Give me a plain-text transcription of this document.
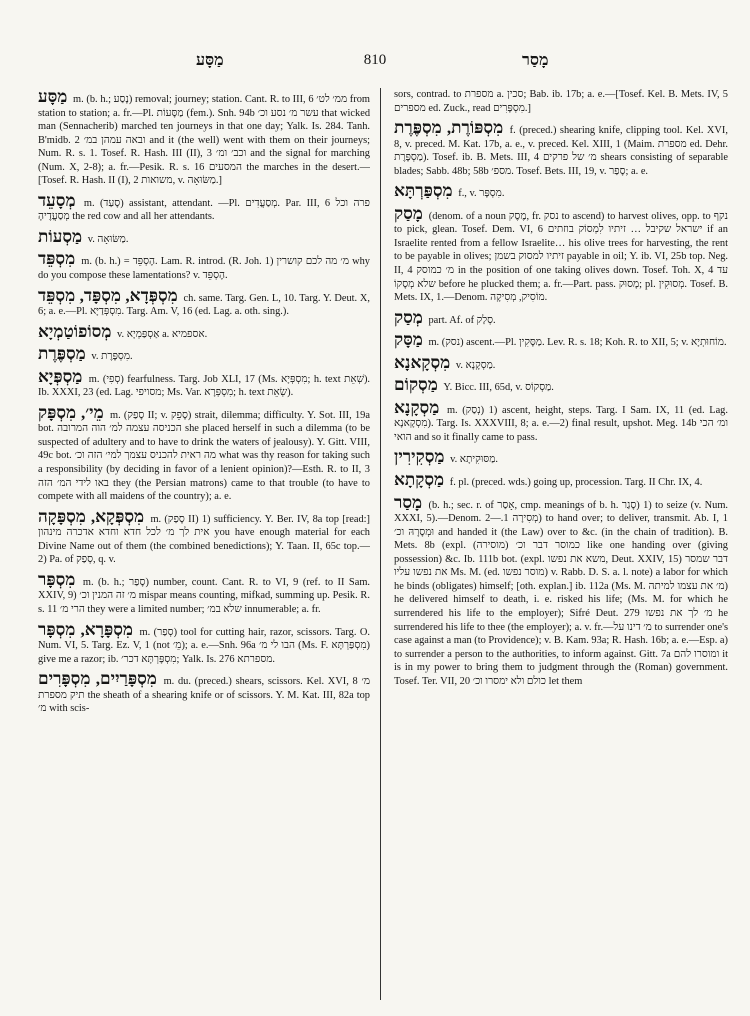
מַסָּע	810	מָסַר

מַסָּע m. (b. h.; נָסַע) removal; journey; station. Cant. R. to III, 6 ממ׳ לט׳ from station to station; a. fr.—Pl. מַסָּעוֹת (fem.). Snh. 94b עשר מ׳ נסע וכ׳ that wicked man (Sennacherib) marched ten journeys in that one day; Yalk. Is. 284. Tanh. B'midb. 2 ובאה עמהן במ׳ and it (the well) went with them on their journeys; Num. R. s. 1. Tosef. R. Hash. III (II), 3 וכב׳ ומ׳ and the signal for marching (Num. X, 2-8); a. fr.—Pesik. R. s. 16 המסעים the marches in the desert.—[Tosef. R. Hash. II (I), 2 משואות, v. מַשּׂוּאָה.]

מְסָעֵד m. (סָעַד) assistant, attendant. —Pl. מְסַעֲדִים. Par. III, 6 פרה וכל מְסַעֲדֶיהָ the red cow and all her attendants.

מַסְעוֹת v. מַשּׂוּאָה.

מִסְפֵּד m. (b. h.) = הֶסְפֵּד. Lam. R. introd. (R. Joh. 1) מ׳ מה לכם קושרין why do you compose these lamentations? v. הֶסְפֵּד.

מִסְפְּדָא, מִסְפָּד, מִסְפֵּד ch. same. Targ. Gen. L, 10. Targ. Y. Deut. X, 6; a. e.—Pl. מִסְפְּדַיָּא. Targ. Am. V, 16 (ed. Lag. a. oth. sing.).

מְסוֹפוֹטַמְיָא v. אַסְפַּמְיָא a. אספמיא.

מַסְפֶּרֶת v. מִסְפֶּרֶת.

מַסְפְּיָא m. (סְפִי) fearfulness. Targ. Job XLI, 17 (Ms. מִסְפְּיָא; h. text שְׁאֵת). Ib. XXXI, 23 (ed. Lag. מסויפי; Ms. Var. מִסְפְּרָא; h. text שְׂאֵת).

מֵי׳, מִסְפָּק m. (סָפַק II; v. סָפֵק) strait, dilemma; difficulty. Y. Sot. III, 19a bot. הכניסה עצמה למ׳ הוה המרובה she placed herself in such a dilemma (to be suspected of adultery and to have to drink the waters of jealousy). Y. Gitt. VIII, 49c bot. מה ראית להכניס עצמך למי׳ הזה וכ׳ what was thy reason for taking such a responsibility (by deciding in favor of a lenient opinion)?—Esth. R. to II, 3 באו לידי המ׳ הזה they (the Persian matrons) came to that trouble (to have to compete with all maidens of the country); a. e.

מִסְפְּקָא, מִסְפָּקָה m. (סָפַק II) 1) sufficiency. Y. Ber. IV, 8a top [read:] אית לך מ׳ לכל חדא וחדא אדכרה מינהון you have enough material for each Divine Name out of them (the combined benedictions); Y. Taan. II, 65c top.—2) Pa. of סְפַק, q. v.

מִסְפָּר m. (b. h.; סָפַר) number, count. Cant. R. to VI, 9 (ref. to II Sam. XXIV, 9) מ׳ זה המנין וכ׳ mispar means counting, mifkad, summing up. Pesik. R. s. 11 הרי מ׳ they were a limited number; שלא במ׳ innumerable; a. fr.

מִסְפָּרָא, מִסְפָּר m. (סְפַר) tool for cutting hair, razor, scissors. Targ. O. Num. VI, 5. Targ. Ez. V, 1 (not מֵ׳); a. e.—Snh. 96a הבו לי מ׳ (Ms. F. מִסְפַּרְתָּא) give me a razor; ib. מִסְפָּרְתָּא דכר׳; Yalk. Is. 276 מספרתא.

מִסְפָּרַיִים, מִסְפָּרִים m. du. (preced.) shears, scissors. Kel. XVI, 8 מ׳ תיק מספרת the sheath of a shearing knife or of scissors. Y. M. Kat. III, 82a top מ׳ with scis-

sors, contrad. to מספרת a. סכין; Bab. ib. 17b; a. e.—[Tosef. Kel. B. Mets. IV, 5 מספרים ed. Zuck., read מִסְפָּרִים.]

מִסְפּוֹרֶת, מִסְפֶּרֶת f. (preced.) shearing knife, clipping tool. Kel. XVI, 8, v. preced. M. Kat. 17b, a. e., v. preced. Kel. XIII, 1 (Maim. מספרת ed. Dehr. מַסְפֶּרֶת). Tosef. ib. B. Mets. III, 4 מ׳ של פרקים shears consisting of separable blades; Sabb. 48b; 58b מספ׳. Tosef. Bets. III, 19, v. סָפַר; a. e.

מִסְפַּרְתָּא f., v. מִסְפָּר.

מָסַק (denom. of a noun מֶסֶק, fr. נסק to ascend) to harvest olives, opp. to נקף to pick, glean. Tosef. Dem. VI, 6 ישראל שקיבל … זיתיו לִמְסוֹק בוזתים if an Israelite rented from a fellow Israelite… his olive trees for harvesting, the rent to be payable in olives; זיתיו למסוק בשמן payable in oil; Y. ib. VI, 25b top. Neg. II, 4 מ׳ כמוסק in the position of one taking olives down. Tosef. Toh. X, 4 עד שלא מְסָקוֹ before he plucked them; a. fr.—Part. pass. מָסוּק; pl. מְסוּקִין. Tosef. B. Mets. IX, 1.—Denom. מוֹסִיק, מְסִיקָה.

מְסַק part. Af. of סְלַק.

מַסָּק m. (נסק) ascent.—Pl. מַסָּקִין. Lev. R. s. 18; Koh. R. to XII, 5; v. מוֹחוּתְיָא.

מִסְקָאנָא v. מַסְקָנָא.

מַסְקוֹם Y. Bicc. III, 65d, v. מַסְקוֹס.

מַסְקָנָא m. (נְסַק) 1) ascent, height, steps. Targ. I Sam. IX, 11 (ed. Lag. מִסְקָאנָא). Targ. Is. XXXVIII, 8; a. e.—2) final result, upshot. Meg. 14b ומ׳ הכי הואי and so it finally came to pass.

מַסְקִירִין v. מַסּוּקִיתָא.

מַסְקָתָא f. pl. (preced. wds.) going up, procession. Targ. II Chr. IX, 4.

מָסַר (b. h.; sec. r. of אָסַר, cmp. meanings of b. h. סָגַר) 1) to seize (v. Num. XXXI, 5).—Denom. מְסִירָה 1.—2) to hand over; to deliver, transmit. Ab. I, 1 וּמְסָרָהּ וכ׳ and handed it (the Law) over to &c. (in the chain of tradition). B. Mets. 8b (expl. כמוסר דבר וכ׳ (מוסירה) like one handing over (giving possession) &c. Ib. 111b bot. (expl. משא את נפשו, Deut. XXIV, 15) דבר שמסר את נפשו עליו Ms. M. (ed. מוסר נפשו) v. Rabb. D. S. a. l. note) a labor for which he binds (obligates) himself; [oth. explan.] ib. 112a (Ms. M. מ׳ את עצמו למיתה) he delivered himself to death, i. e. risked his life; (Ms. M. for which he surrendered his life to the employer); Sifré Deut. 279 מ׳ לך את נפשו he surrendered his life to thee (the employer); a. v. fr.—מ׳ דינו על to surrender one's case against a man (to Providence); v. B. Kam. 93a; R. Hash. 16b; a. e.—Esp. a) to surrender a person to the authorities, to inform against. Gitt. 7a ומוסרו להם it is in my power to bring them to judgment through the (Roman) government. Tosef. Ter. VII, 20 כולם ולא ימסרו וכ׳ let them
